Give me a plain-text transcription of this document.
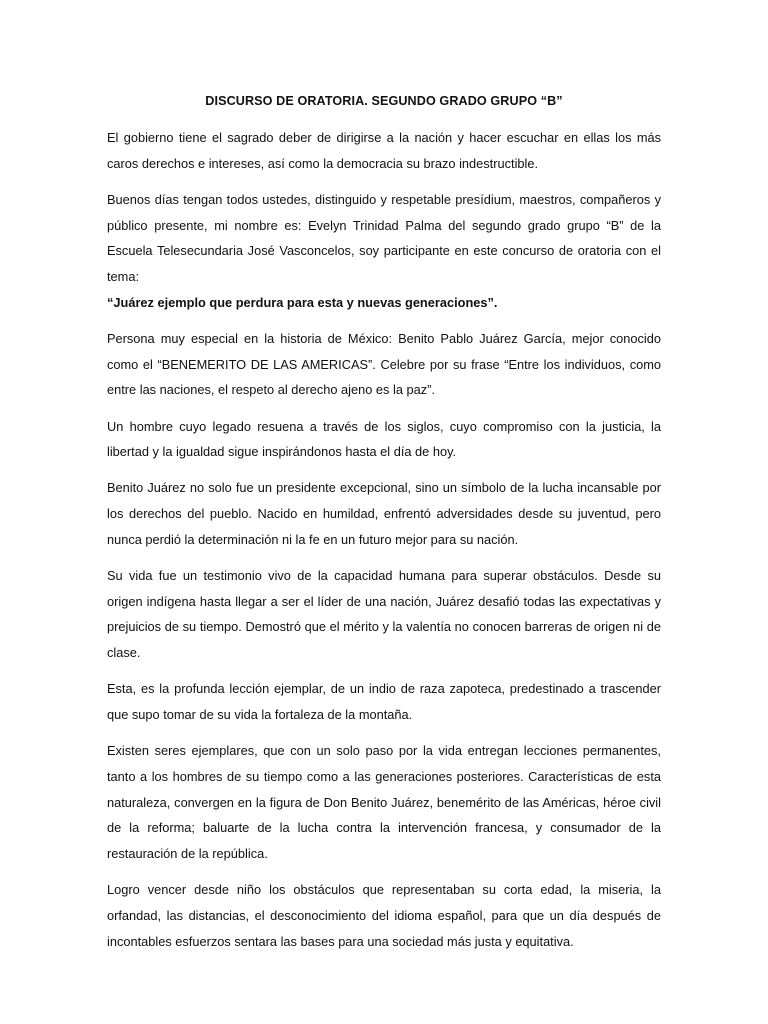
DISCURSO DE ORATORIA. SEGUNDO GRADO GRUPO “B”

El gobierno tiene el sagrado deber de dirigirse a la nación y hacer escuchar en ellas los más caros derechos e intereses, así como la democracia su brazo indestructible.

Buenos días tengan todos ustedes, distinguido y respetable presídium, maestros, compañeros y público presente, mi nombre es: Evelyn Trinidad Palma del segundo grado grupo “B” de la Escuela Telesecundaria José Vasconcelos, soy participante en este concurso de oratoria con el tema:
“Juárez ejemplo que perdura para esta y nuevas generaciones”.

Persona muy especial en la historia de México: Benito Pablo Juárez García, mejor conocido como el “BENEMERITO DE LAS AMERICAS”. Celebre por su frase “Entre los individuos, como entre las naciones, el respeto al derecho ajeno es la paz”.

Un hombre cuyo legado resuena a través de los siglos, cuyo compromiso con la justicia, la libertad y la igualdad sigue inspirándonos hasta el día de hoy.

Benito Juárez no solo fue un presidente excepcional, sino un símbolo de la lucha incansable por los derechos del pueblo. Nacido en humildad, enfrentó adversidades desde su juventud, pero nunca perdió la determinación ni la fe en un futuro mejor para su nación.

Su vida fue un testimonio vivo de la capacidad humana para superar obstáculos. Desde su origen indígena hasta llegar a ser el líder de una nación, Juárez desafió todas las expectativas y prejuicios de su tiempo. Demostró que el mérito y la valentía no conocen barreras de origen ni de clase.

Esta, es la profunda lección ejemplar, de un indio de raza zapoteca, predestinado a trascender que supo tomar de su vida la fortaleza de la montaña.

Existen seres ejemplares, que con un solo paso por la vida entregan lecciones permanentes, tanto a los hombres de su tiempo como a las generaciones posteriores. Características de esta naturaleza, convergen en la figura de Don Benito Juárez, benemérito de las Américas, héroe civil de la reforma; baluarte de la lucha contra la intervención francesa, y consumador de la restauración de la república.

Logro vencer desde niño los obstáculos que representaban su corta edad, la miseria, la orfandad, las distancias, el desconocimiento del idioma español, para que un día después de incontables esfuerzos sentara las bases para una sociedad más justa y equitativa.
